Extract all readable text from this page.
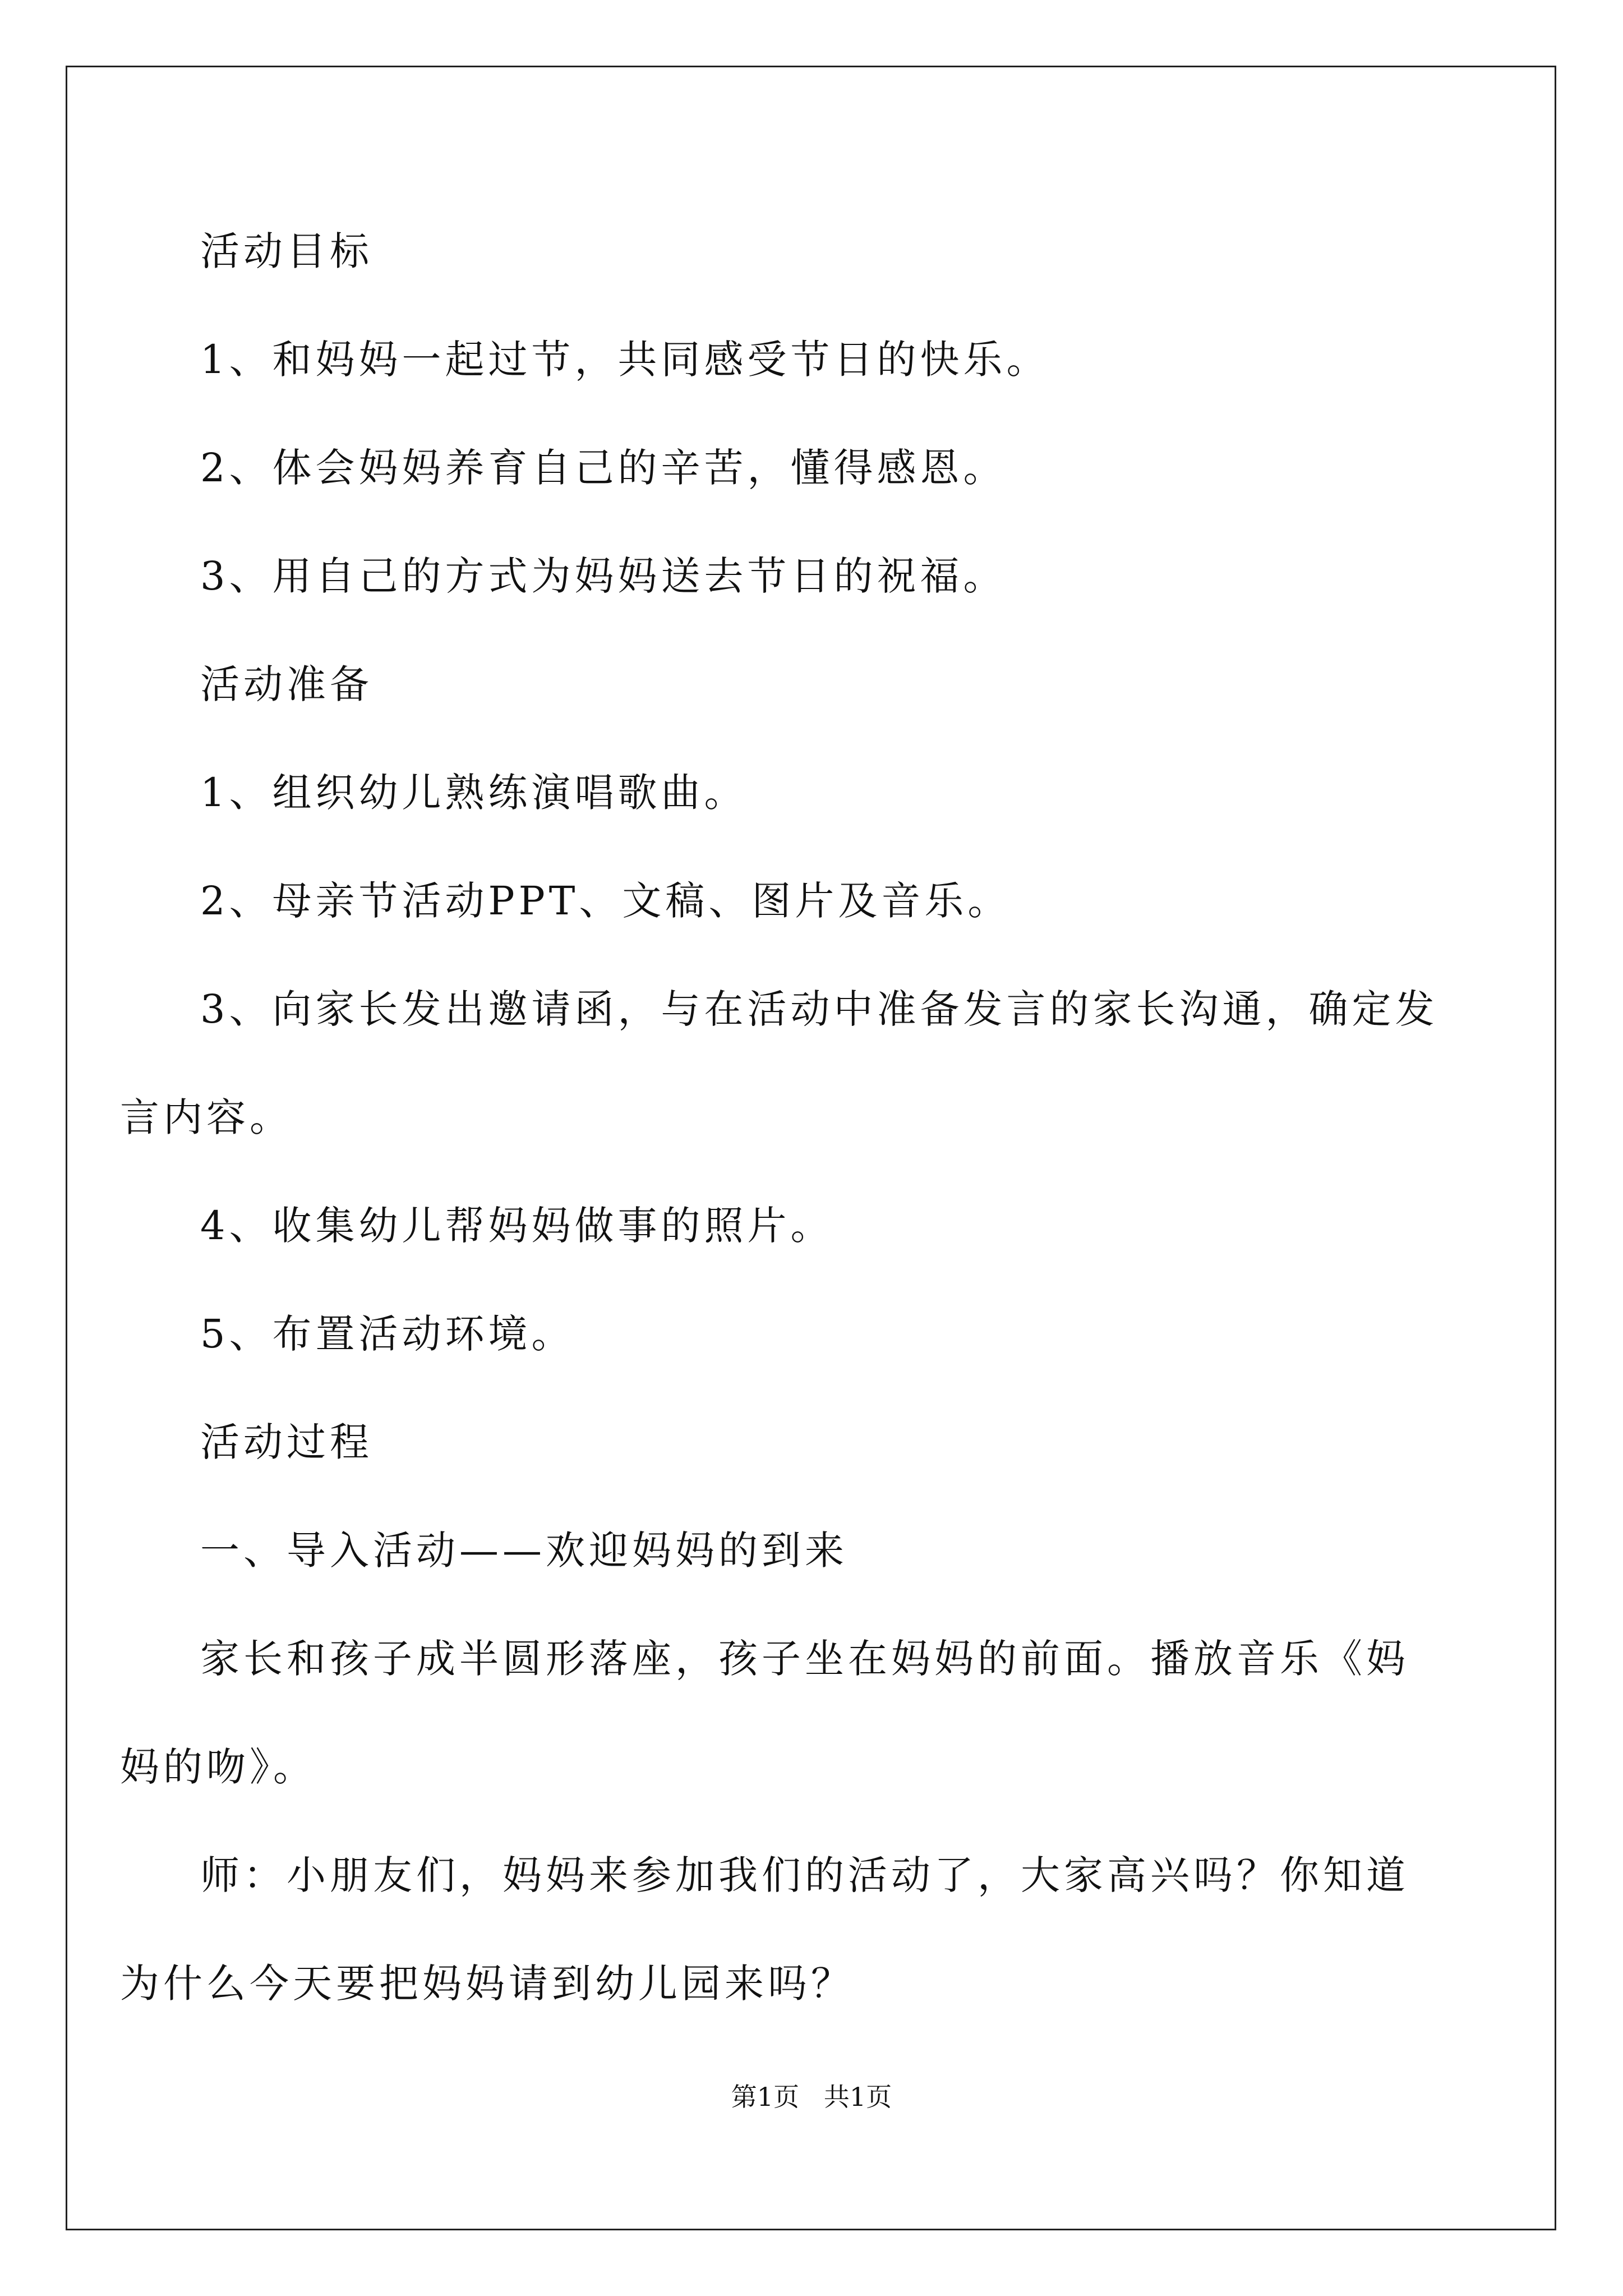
活动目标
1、和妈妈一起过节，共同感受节日的快乐。
2、体会妈妈养育自己的辛苦，懂得感恩。
3、用自己的方式为妈妈送去节日的祝福。
活动准备
1、组织幼儿熟练演唱歌曲。
2、母亲节活动PPT、文稿、图片及音乐。
3、向家长发出邀请函，与在活动中准备发言的家长沟通，确定发
言内容。
4、收集幼儿帮妈妈做事的照片。
5、布置活动环境。
活动过程
一、导入活动——欢迎妈妈的到来
家长和孩子成半圆形落座，孩子坐在妈妈的前面。播放音乐《妈
妈的吻》。
师：小朋友们，妈妈来参加我们的活动了，大家高兴吗？你知道
为什么今天要把妈妈请到幼儿园来吗？
第1页   共1页
